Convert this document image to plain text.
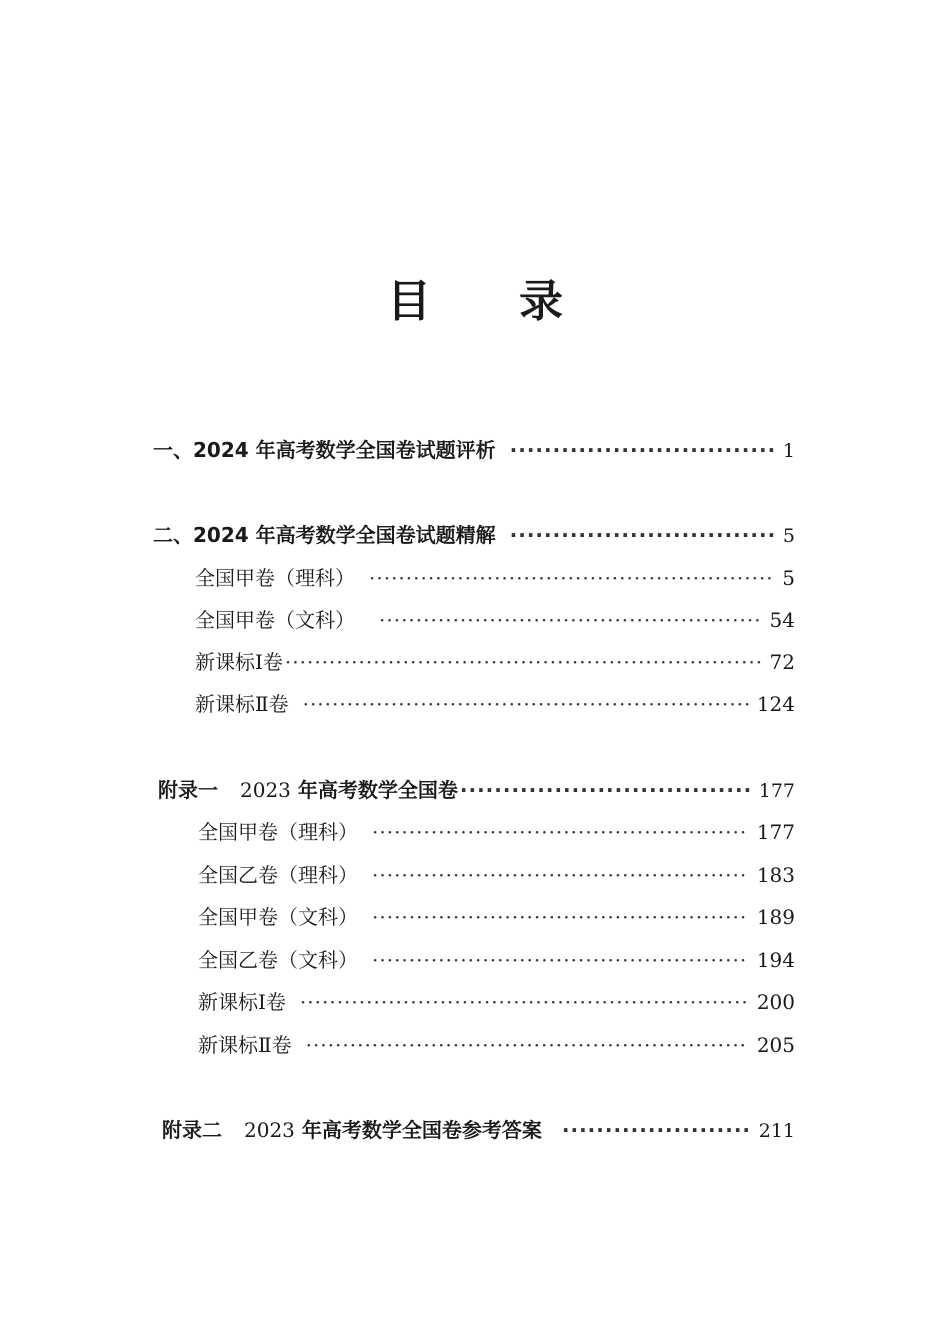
目 录
一、2024 年高考数学全国卷试题评析 ·····	1
二、2024 年高考数学全国卷试题精解 ·····	5
全国甲卷（理科） ·····	5
全国甲卷（文科） ·····	54
新课标Ⅰ卷 ·····	72
新课标Ⅱ卷 ·····	124
附录一 2023 年高考数学全国卷 ·····	177
全国甲卷（理科） ·····	177
全国乙卷（理科） ·····	183
全国甲卷（文科） ·····	189
全国乙卷（文科） ·····	194
新课标Ⅰ卷 ·····	200
新课标Ⅱ卷 ·····	205
附录二 2023 年高考数学全国卷参考答案 ·····	211
